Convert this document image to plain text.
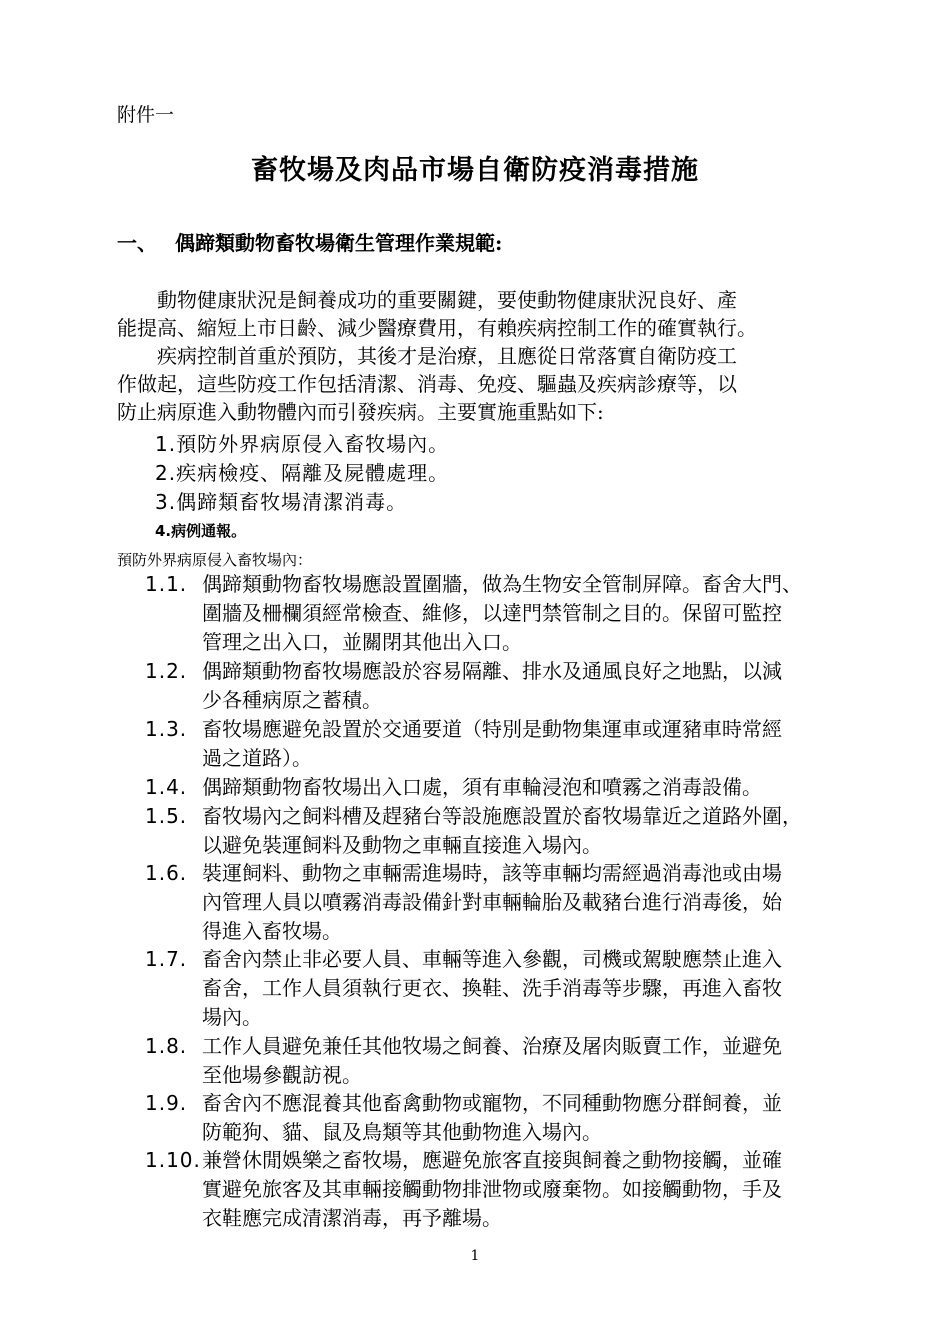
附件一
畜牧場及肉品市場自衛防疫消毒措施
一、 偶蹄類動物畜牧場衛生管理作業規範:
　　動物健康狀況是飼養成功的重要關鍵，要使動物健康狀況良好、產
能提高、縮短上市日齡、減少醫療費用，有賴疾病控制工作的確實執行。
　　疾病控制首重於預防，其後才是治療，且應從日常落實自衛防疫工
作做起，這些防疫工作包括清潔、消毒、免疫、驅蟲及疾病診療等，以
防止病原進入動物體內而引發疾病。主要實施重點如下:
1.預防外界病原侵入畜牧場內。
2.疾病檢疫、隔離及屍體處理。
3.偶蹄類畜牧場清潔消毒。
4.病例通報。
預防外界病原侵入畜牧場內：
1.1. 偶蹄類動物畜牧場應設置圍牆，做為生物安全管制屏障。畜舍大門、
圍牆及柵欄須經常檢查、維修，以達門禁管制之目的。保留可監控
管理之出入口，並關閉其他出入口。
1.2. 偶蹄類動物畜牧場應設於容易隔離、排水及通風良好之地點，以減
少各種病原之蓄積。
1.3. 畜牧場應避免設置於交通要道（特別是動物集運車或運豬車時常經
過之道路）。
1.4. 偶蹄類動物畜牧場出入口處，須有車輪浸泡和噴霧之消毒設備。
1.5. 畜牧場內之飼料槽及趕豬台等設施應設置於畜牧場靠近之道路外圍，
以避免裝運飼料及動物之車輛直接進入場內。
1.6. 裝運飼料、動物之車輛需進場時，該等車輛均需經過消毒池或由場
內管理人員以噴霧消毒設備針對車輛輪胎及載豬台進行消毒後，始
得進入畜牧場。
1.7. 畜舍內禁止非必要人員、車輛等進入參觀，司機或駕駛應禁止進入
畜舍，工作人員須執行更衣、換鞋、洗手消毒等步驟，再進入畜牧
場內。
1.8. 工作人員避免兼任其他牧場之飼養、治療及屠肉販賣工作，並避免
至他場參觀訪視。
1.9. 畜舍內不應混養其他畜禽動物或寵物，不同種動物應分群飼養，並
防範狗、貓、鼠及鳥類等其他動物進入場內。
1.10. 兼營休閒娛樂之畜牧場，應避免旅客直接與飼養之動物接觸，並確
實避免旅客及其車輛接觸動物排泄物或廢棄物。如接觸動物，手及
衣鞋應完成清潔消毒，再予離場。
1
